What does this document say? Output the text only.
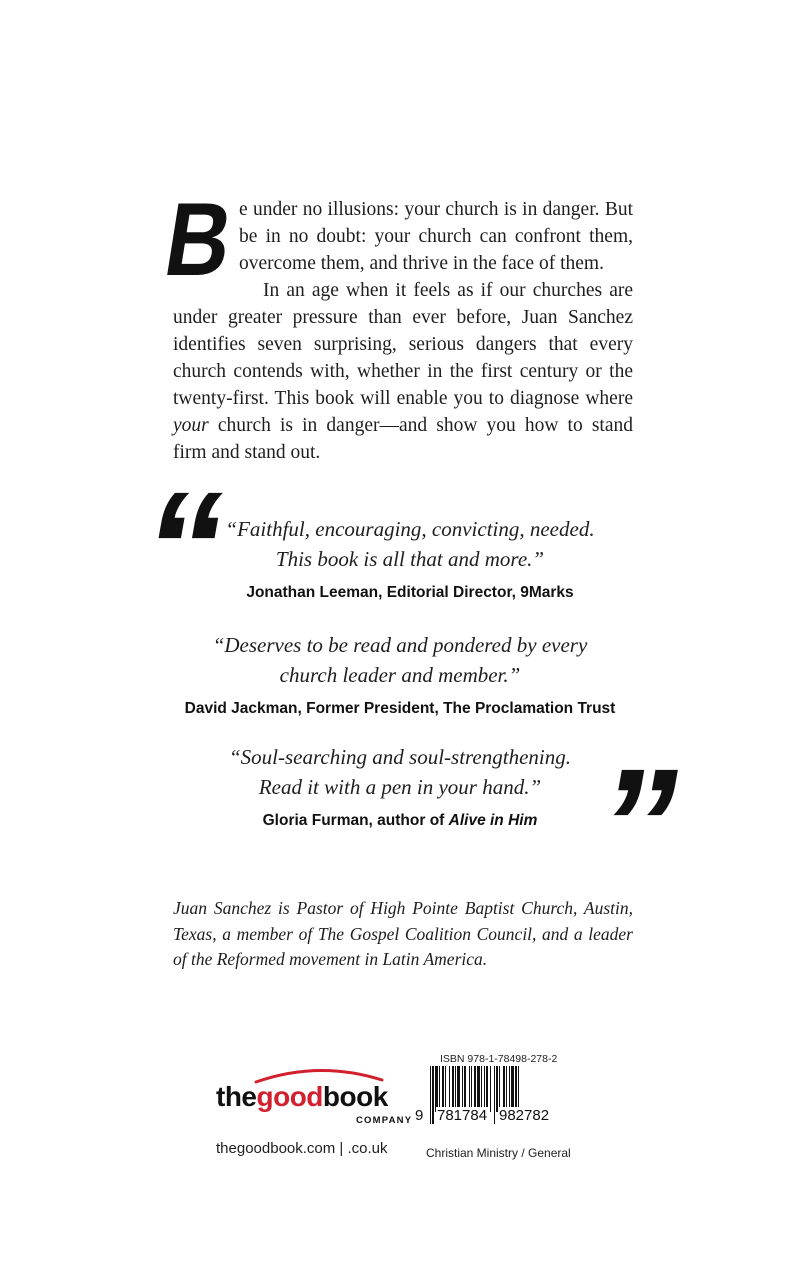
B e under no illusions: your church is in danger. But be in no doubt: your church can confront them, overcome them, and thrive in the face of them.

In an age when it feels as if our churches are under greater pressure than ever before, Juan Sanchez identifies seven surprising, serious dangers that every church contends with, whether in the first century or the twenty-first. This book will enable you to diagnose where your church is in danger—and show you how to stand firm and stand out.

“
”
“Faithful, encouraging, convicting, needed.
This book is all that and more.”
Jonathan Leeman, Editorial Director, 9Marks
“Deserves to be read and pondered by every
church leader and member.”
David Jackman, Former President, The Proclamation Trust
“Soul-searching and soul-strengthening.
Read it with a pen in your hand.”
Gloria Furman, author of Alive in Him
Juan Sanchez is Pastor of High Pointe Baptist Church, Austin, Texas, a member of The Gospel Coalition Council, and a leader of the Reformed movement in Latin America.
thegoodbook
COMPANY
thegoodbook.com | .co.uk
ISBN 978-1-78498-278-2
9 781784 982782
Christian Ministry / General
